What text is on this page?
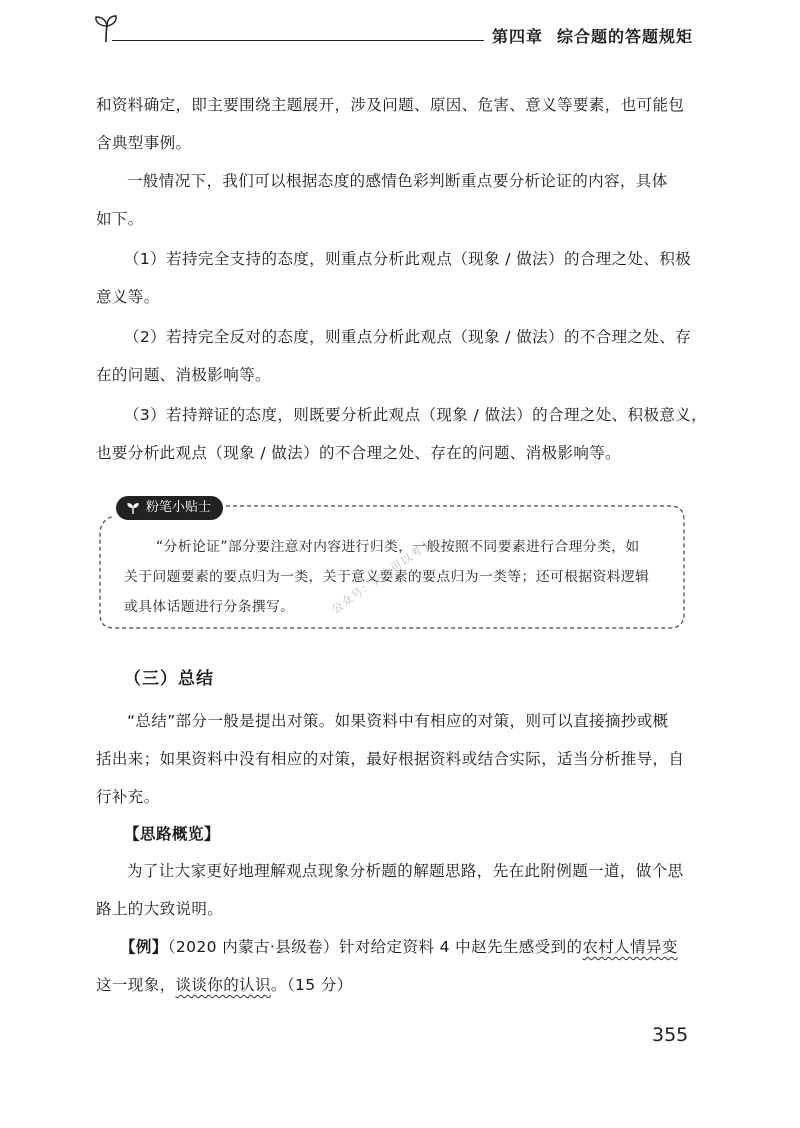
第四章 综合题的答题规矩
和资料确定，即主要围绕主题展开，涉及问题、原因、危害、意义等要素，也可能包
含典型事例。
一般情况下，我们可以根据态度的感情色彩判断重点要分析论证的内容，具体
如下。
（1）若持完全支持的态度，则重点分析此观点（现象 / 做法）的合理之处、积极
意义等。
（2）若持完全反对的态度，则重点分析此观点（现象 / 做法）的不合理之处、存
在的问题、消极影响等。
（3）若持辩证的态度，则既要分析此观点（现象 / 做法）的合理之处、积极意义，
也要分析此观点（现象 / 做法）的不合理之处、存在的问题、消极影响等。
粉笔小贴士
“分析论证”部分要注意对内容进行归类，一般按照不同要素进行合理分类，如
关于问题要素的要点归为一类，关于意义要素的要点归为一类等；还可根据资料逻辑
或具体话题进行分条撰写。	公众号：完全可以考上
（三）总结
“总结”部分一般是提出对策。如果资料中有相应的对策，则可以直接摘抄或概
括出来；如果资料中没有相应的对策，最好根据资料或结合实际，适当分析推导，自
行补充。
【思路概览】
为了让大家更好地理解观点现象分析题的解题思路，先在此附例题一道，做个思
路上的大致说明。
【例】（2020 内蒙古·县级卷）针对给定资料 4 中赵先生感受到的农村人情异变
这一现象，谈谈你的认识。（15 分）
355
